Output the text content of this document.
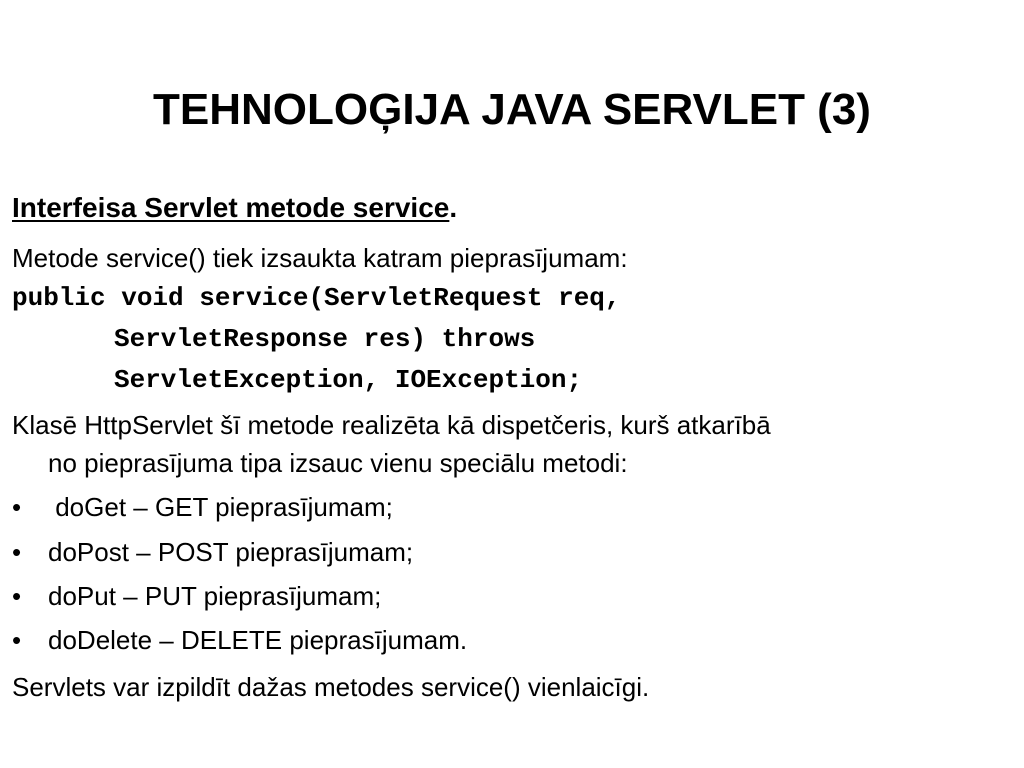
TEHNOLOĢIJA JAVA SERVLET (3)
Interfeisa Servlet metode service.
Metode service() tiek izsaukta katram pieprasījumam:
public void service(ServletRequest req,
ServletResponse res) throws
ServletException, IOException;
Klasē HttpServlet šī metode realizēta kā dispetčeris, kurš atkarībā
no pieprasījuma tipa izsauc vienu speciālu metodi:
• doGet – GET pieprasījumam;
• doPost – POST pieprasījumam;
• doPut – PUT pieprasījumam;
• doDelete – DELETE pieprasījumam.
Servlets var izpildīt dažas metodes service() vienlaicīgi.
